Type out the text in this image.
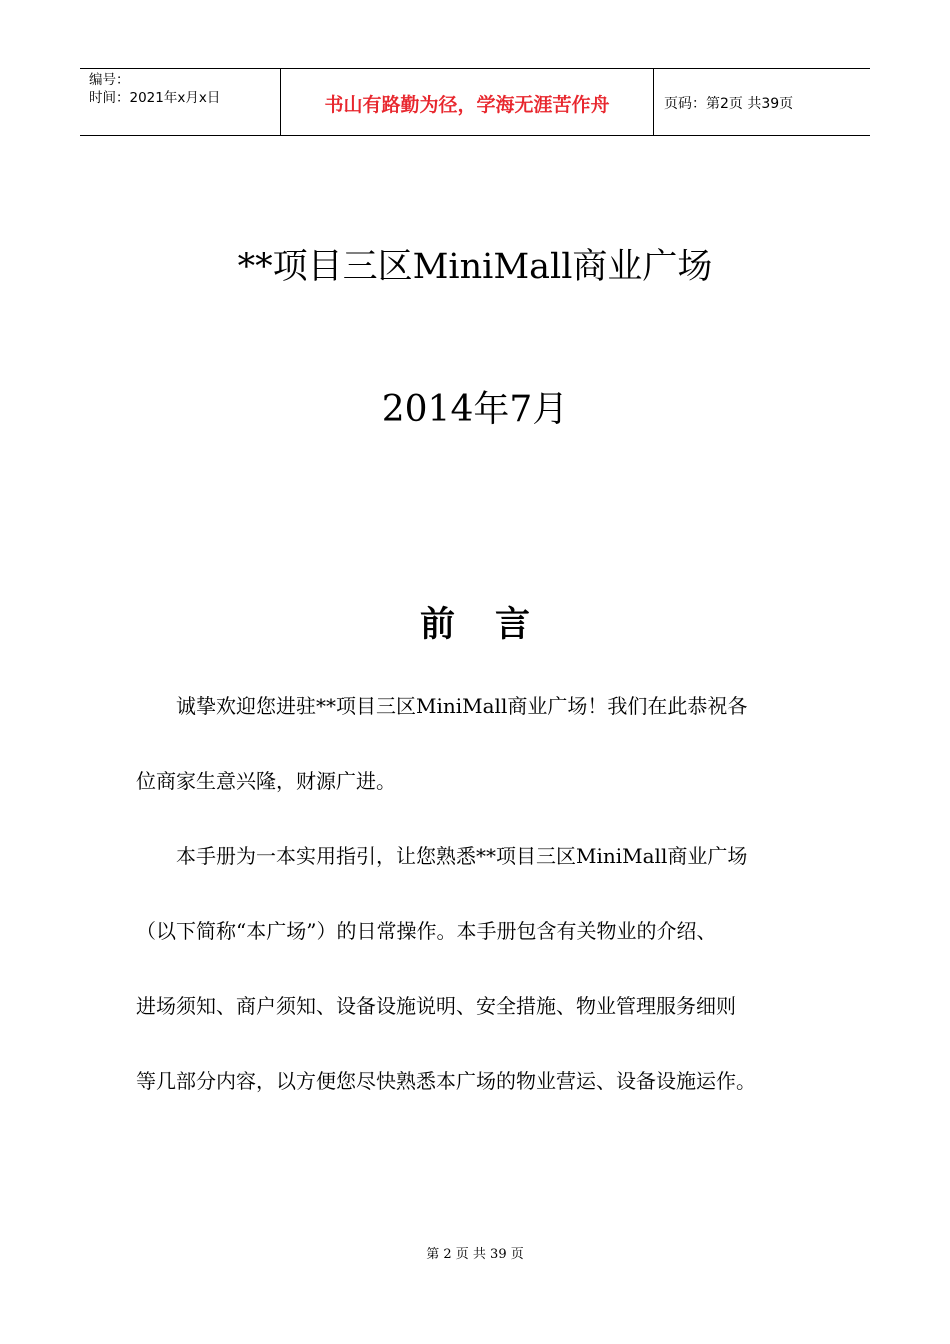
编号：
时间：2021年x月x日	书山有路勤为径，学海无涯苦作舟	页码：第2页 共39页
**项目三区MiniMall商业广场
2014年7月
前言
诚挚欢迎您进驻**项目三区MiniMall商业广场！我们在此恭祝各
位商家生意兴隆，财源广进。
本手册为一本实用指引，让您熟悉**项目三区MiniMall商业广场
（以下简称“本广场”）的日常操作。本手册包含有关物业的介绍、
进场须知、商户须知、设备设施说明、安全措施、物业管理服务细则
等几部分内容，以方便您尽快熟悉本广场的物业营运、设备设施运作。
第 2 页 共 39 页
